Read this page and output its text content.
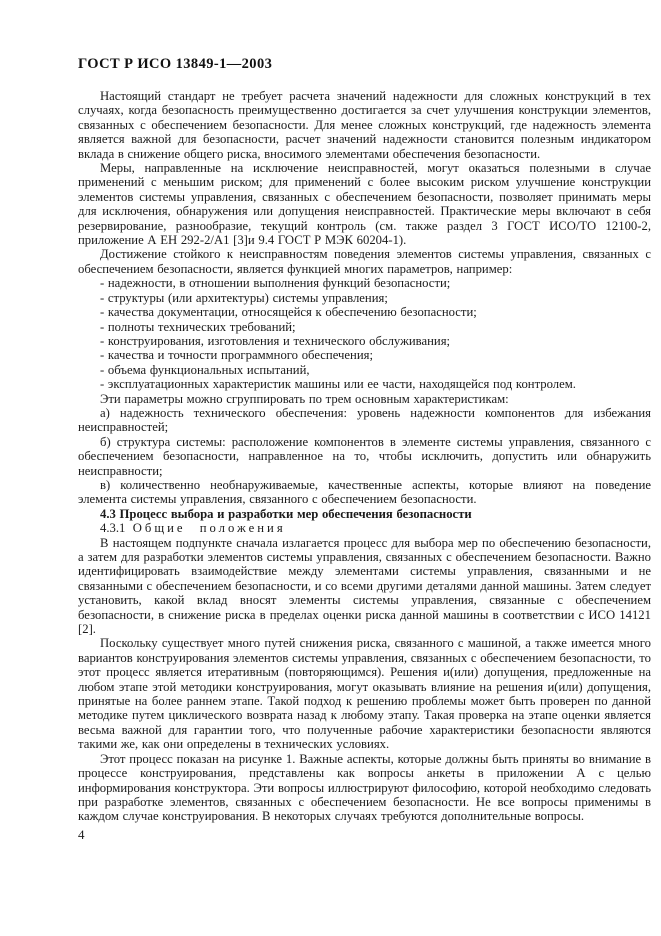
ГОСТ Р ИСО 13849-1—2003
Настоящий стандарт не требует расчета значений надежности для сложных конструкций в тех случаях, когда безопасность преимущественно достигается за счет улучшения конструкции элементов, связанных с обеспечением безопасности. Для менее сложных конструкций, где надежность элемента является важной для безопасности, расчет значений надежности становится полезным индикатором вклада в снижение общего риска, вносимого элементами обеспечения безопасности.
Меры, направленные на исключение неисправностей, могут оказаться полезными в случае применений с меньшим риском; для применений с более высоким риском улучшение конструкции элементов системы управления, связанных с обеспечением безопасности, позволяет принимать меры для исключения, обнаружения или допущения неисправностей. Практические меры включают в себя резервирование, разнообразие, текущий контроль (см. также раздел 3 ГОСТ ИСО/ТО 12100-2, приложение А ЕН 292-2/А1 [3]и 9.4 ГОСТ Р МЭК 60204-1).
Достижение стойкого к неисправностям поведения элементов системы управления, связанных с обеспечением безопасности, является функцией многих параметров, например:
- надежности, в отношении выполнения функций безопасности;
- структуры (или архитектуры) системы управления;
- качества документации, относящейся к обеспечению безопасности;
- полноты технических требований;
- конструирования, изготовления и технического обслуживания;
- качества и точности программного обеспечения;
- объема функциональных испытаний,
- эксплуатационных характеристик машины или ее части, находящейся под контролем.
Эти параметры можно сгруппировать по трем основным характеристикам:
а) надежность технического обеспечения: уровень надежности компонентов для избежания неисправностей;
б) структура системы: расположение компонентов в элементе системы управления, связанного с обеспечением безопасности, направленное на то, чтобы исключить, допустить или обнаружить неисправности;
в) количественно необнаруживаемые, качественные аспекты, которые влияют на поведение элемента системы управления, связанного с обеспечением безопасности.
4.3 Процесс выбора и разработки мер обеспечения безопасности
4.3.1  Общие положения
В настоящем подпункте сначала излагается процесс для выбора мер по обеспечению безопасности, а затем для разработки элементов системы управления, связанных с обеспечением безопасности. Важно идентифицировать взаимодействие между элементами системы управления, связанными и не связанными с обеспечением безопасности, и со всеми другими деталями данной машины. Затем следует установить, какой вклад вносят элементы системы управления, связанные с обеспечением безопасности, в снижение риска в пределах оценки риска данной машины в соответствии с ИСО 14121 [2].
Поскольку существует много путей снижения риска, связанного с машиной, а также имеется много вариантов конструирования элементов системы управления, связанных с обеспечением безопасности, то этот процесс является итеративным (повторяющимся). Решения и(или) допущения, предложенные на любом этапе этой методики конструирования, могут оказывать влияние на решения и(или) допущения, принятые на более раннем этапе. Такой подход к решению проблемы может быть проверен по данной методике путем циклического возврата назад к любому этапу. Такая проверка на этапе оценки является весьма важной для гарантии того, что полученные рабочие характеристики безопасности являются такими же, как они определены в технических условиях.
Этот процесс показан на рисунке 1. Важные аспекты, которые должны быть приняты во внимание в процессе конструирования, представлены как вопросы анкеты в приложении А с целью информирования конструктора. Эти вопросы иллюстрируют философию, которой необходимо следовать при разработке элементов, связанных с обеспечением безопасности. Не все вопросы применимы в каждом случае конструирования. В некоторых случаях требуются дополнительные вопросы.
4
